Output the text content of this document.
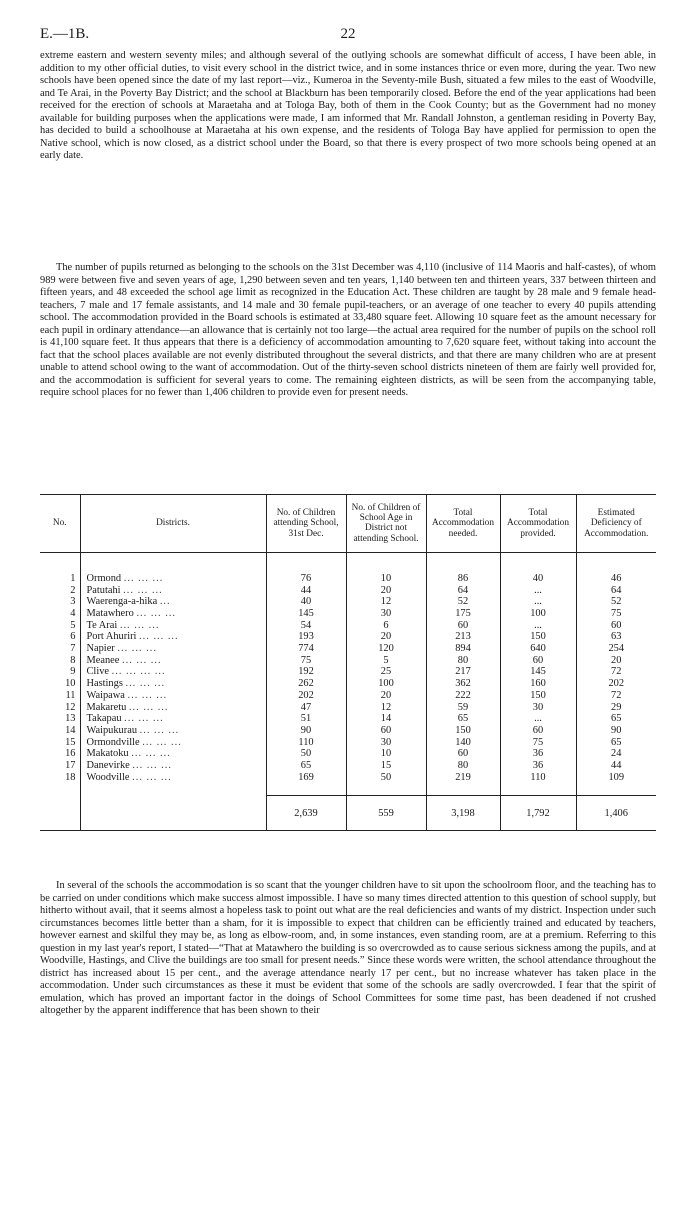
E.—1B.	22

extreme eastern and western seventy miles; and although several of the outlying schools are somewhat difficult of access, I have been able, in addition to my other official duties, to visit every school in the district twice, and in some instances thrice or even more, during the year. Two new schools have been opened since the date of my last report—viz., Kumeroa in the Seventy-mile Bush, situated a few miles to the east of Woodville, and Te Arai, in the Poverty Bay District; and the school at Blackburn has been temporarily closed. Before the end of the year applications had been received for the erection of schools at Maraetaha and at Tologa Bay, both of them in the Cook County; but as the Government had no money available for building purposes when the applications were made, I am informed that Mr. Randall Johnston, a gentleman residing in Poverty Bay, has decided to build a schoolhouse at Maraetaha at his own expense, and the residents of Tologa Bay have applied for permission to open the Native school, which is now closed, as a district school under the Board, so that there is every prospect of two more schools being opened at an early date.

The number of pupils returned as belonging to the schools on the 31st December was 4,110 (inclusive of 114 Maoris and half-castes), of whom 989 were between five and seven years of age, 1,290 between seven and ten years, 1,140 between ten and thirteen years, 337 between thirteen and fifteen years, and 48 exceeded the school age limit as recognized in the Education Act. These children are taught by 28 male and 9 female head-teachers, 7 male and 17 female assistants, and 14 male and 30 female pupil-teachers, or an average of one teacher to every 40 pupils attending school. The accommodation provided in the Board schools is estimated at 33,480 square feet. Allowing 10 square feet as the amount necessary for each pupil in ordinary attendance—an allowance that is certainly not too large—the actual area required for the number of pupils on the school roll is 41,100 square feet. It thus appears that there is a deficiency of accommodation amounting to 7,620 square feet, without taking into account the fact that the school places available are not evenly distributed throughout the several districts, and that there are many children who are at present unable to attend school owing to the want of accommodation. Out of the thirty-seven school districts nineteen of them are fairly well provided for, and the accommodation is sufficient for several years to come. The remaining eighteen districts, as will be seen from the accompanying table, require school places for no fewer than 1,406 children to provide even for present needs.

No.	Districts.	No. of Children attending School, 31st Dec.	No. of Children of School Age in District not attending School.	Total Accommodation needed.	Total Accommodation provided.	Estimated Deficiency of Accommodation.

1	Ormond ... ... ...	76	10	86	40	46
2	Patutahi ... ... ...	44	20	64	...	64
3	Waerenga-a-hika ...	40	12	52	...	52
4	Matawhero ... ... ...	145	30	175	100	75
5	Te Arai ... ... ...	54	6	60	...	60
6	Port Ahuriri ... ... ...	193	20	213	150	63
7	Napier ... ... ...	774	120	894	640	254
8	Meanee ... ... ...	75	5	80	60	20
9	Clive ... ... ... ...	192	25	217	145	72
10	Hastings ... ... ...	262	100	362	160	202
11	Waipawa ... ... ...	202	20	222	150	72
12	Makaretu ... ... ...	47	12	59	30	29
13	Takapau ... ... ...	51	14	65	...	65
14	Waipukurau ... ... ...	90	60	150	60	90
15	Ormondville ... ... ...	110	30	140	75	65
16	Makatoku ... ... ...	50	10	60	36	24
17	Danevirke ... ... ...	65	15	80	36	44
18	Woodville ... ... ...	169	50	219	110	109

		2,639	559	3,198	1,792	1,406

In several of the schools the accommodation is so scant that the younger children have to sit upon the schoolroom floor, and the teaching has to be carried on under conditions which make success almost impossible. I have so many times directed attention to this question of school supply, but hitherto without avail, that it seems almost a hopeless task to point out what are the real deficiencies and wants of my district. Inspection under such circumstances becomes little better than a sham, for it is impossible to expect that children can be efficiently trained and educated by teachers, however earnest and skilful they may be, as long as elbow-room, and, in some instances, even standing room, are at a premium. Referring to this question in my last year's report, I stated—“That at Matawhero the building is so overcrowded as to cause serious sickness among the pupils, and at Woodville, Hastings, and Clive the buildings are too small for present needs.” Since these words were written, the school attendance throughout the district has increased about 15 per cent., and the average attendance nearly 17 per cent., but no increase whatever has taken place in the accommodation. Under such circumstances as these it must be evident that some of the schools are sadly overcrowded. I fear that the spirit of emulation, which has proved an important factor in the doings of School Committees for some time past, has been deadened if not crushed altogether by the apparent indifference that has been shown to their
